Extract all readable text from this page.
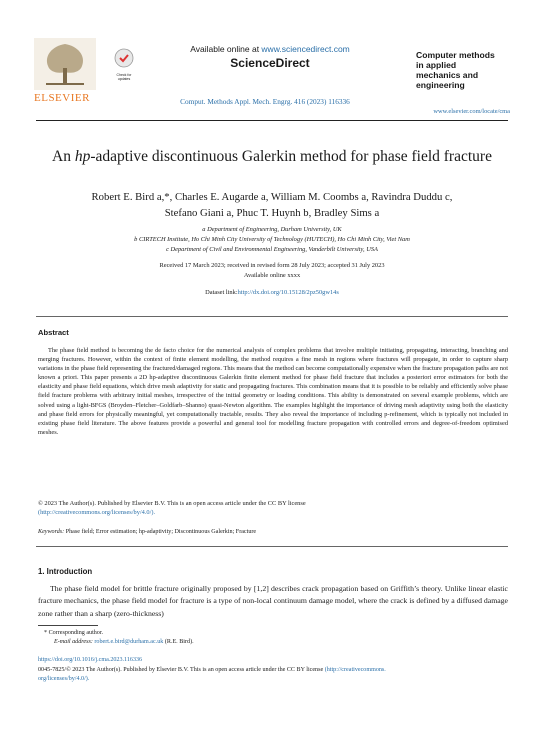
ELSEVIER
Available online at www.sciencedirect.com
ScienceDirect
Check for updates
Comput. Methods Appl. Mech. Engrg. 416 (2023) 116336
Computer methods in applied mechanics and engineering
www.elsevier.com/locate/cma
An hp-adaptive discontinuous Galerkin method for phase field fracture
Robert E. Bird a,*, Charles E. Augarde a, William M. Coombs a, Ravindra Duddu c,
Stefano Giani a, Phuc T. Huynh b, Bradley Sims a
a Department of Engineering, Durham University, UK
b CIRTECH Institute, Ho Chi Minh City University of Technology (HUTECH), Ho Chi Minh City, Viet Nam
c Department of Civil and Environmental Engineering, Vanderbilt University, USA
Received 17 March 2023; received in revised form 28 July 2023; accepted 31 July 2023
Available online xxxx
Dataset link:http://dx.doi.org/10.15128/2pz50gw14s
Abstract
The phase field method is becoming the de facto choice for the numerical analysis of complex problems that involve multiple initiating, propagating, interacting, branching and merging fractures. However, within the context of finite element modelling, the method requires a fine mesh in regions where fractures will propagate, in order to capture sharp variations in the phase field representing the fractured/damaged regions. This means that the method can become computationally expensive when the fracture propagation paths are not known a priori. This paper presents a 2D hp-adaptive discontinuous Galerkin finite element method for phase field fracture that includes a posteriori error estimators for both the elasticity and phase field equations, which drive mesh adaptivity for static and propagating fractures. This combination means that it is possible to be reliably and efficiently solve phase field fracture problems with arbitrary initial meshes, irrespective of the initial geometry or loading conditions. This ability is demonstrated on several example problems, which are solved using a light-BFGS (Broyden–Fletcher–Goldfarb–Shanno) quasi-Newton algorithm. The examples highlight the importance of driving mesh adaptivity using both the elasticity and phase field errors for physically meaningful, yet computationally tractable, results. They also reveal the importance of including p-refinement, which is typically not included in existing phase field literature. The above features provide a powerful and general tool for modelling fracture propagation with controlled errors and degree-of-freedom optimised meshes.
© 2023 The Author(s). Published by Elsevier B.V. This is an open access article under the CC BY license
(http://creativecommons.org/licenses/by/4.0/).
Keywords: Phase field; Error estimation; hp-adaptivity; Discontinuous Galerkin; Fracture
1. Introduction
The phase field model for brittle fracture originally proposed by [1,2] describes crack propagation based on Griffith’s theory. Unlike linear elastic fracture mechanics, the phase field model for fracture is a type of non-local continuum damage model, where the crack is defined by a diffused damage zone rather than a sharp (zero-thickness)
* Corresponding author.
E-mail address: robert.e.bird@durham.ac.uk (R.E. Bird).
https://doi.org/10.1016/j.cma.2023.116336
0045-7825/© 2023 The Author(s). Published by Elsevier B.V. This is an open access article under the CC BY license (http://creativecommons.
org/licenses/by/4.0/).
